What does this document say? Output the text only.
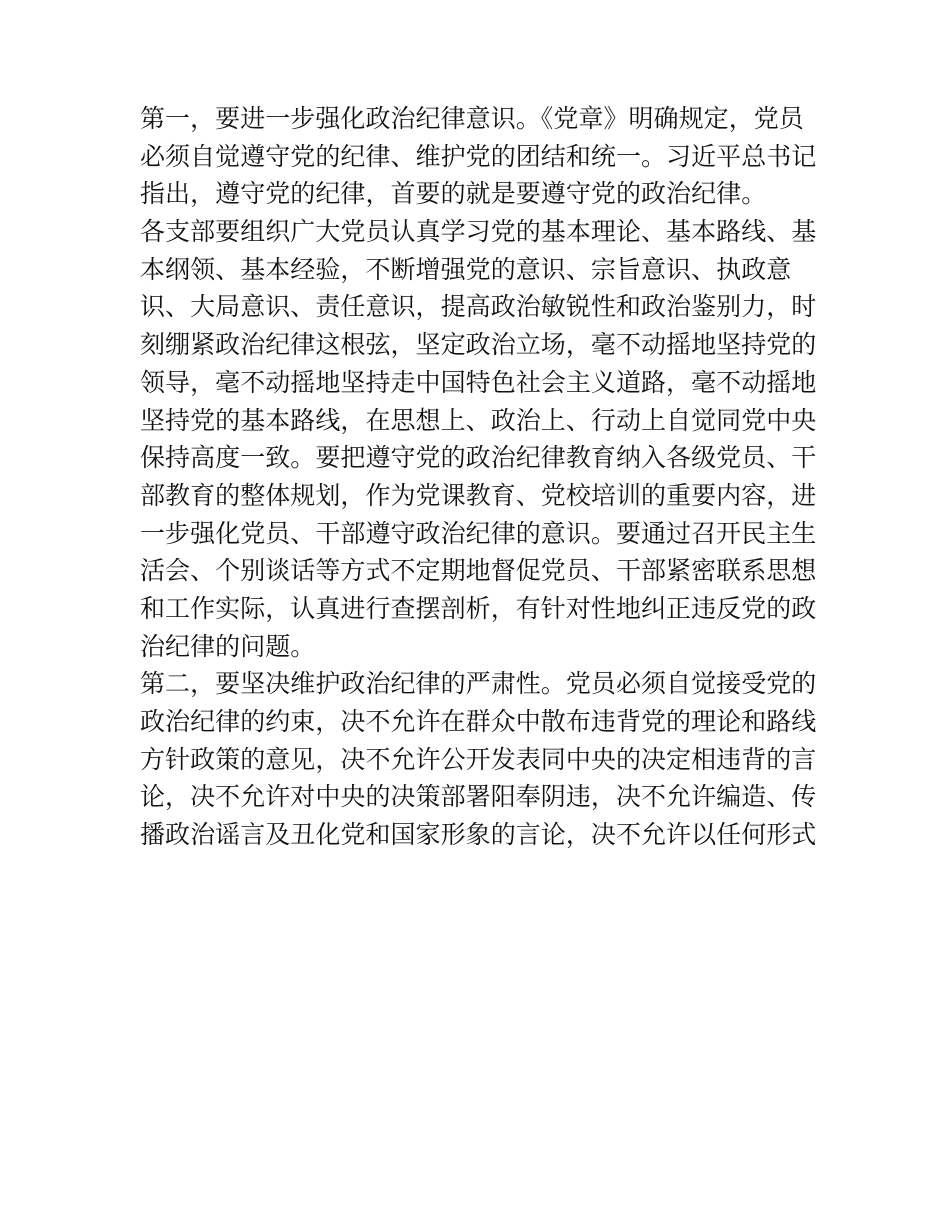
第一，要进一步强化政治纪律意识。《党章》明确规定，党员
必须自觉遵守党的纪律、维护党的团结和统一。习近平总书记
指出，遵守党的纪律，首要的就是要遵守党的政治纪律。
各支部要组织广大党员认真学习党的基本理论、基本路线、基
本纲领、基本经验，不断增强党的意识、宗旨意识、执政意
识、大局意识、责任意识，提高政治敏锐性和政治鉴别力，时
刻绷紧政治纪律这根弦，坚定政治立场，毫不动摇地坚持党的
领导，毫不动摇地坚持走中国特色社会主义道路，毫不动摇地
坚持党的基本路线，在思想上、政治上、行动上自觉同党中央
保持高度一致。要把遵守党的政治纪律教育纳入各级党员、干
部教育的整体规划，作为党课教育、党校培训的重要内容，进
一步强化党员、干部遵守政治纪律的意识。要通过召开民主生
活会、个别谈话等方式不定期地督促党员、干部紧密联系思想
和工作实际，认真进行查摆剖析，有针对性地纠正违反党的政
治纪律的问题。
第二，要坚决维护政治纪律的严肃性。党员必须自觉接受党的
政治纪律的约束，决不允许在群众中散布违背党的理论和路线
方针政策的意见，决不允许公开发表同中央的决定相违背的言
论，决不允许对中央的决策部署阳奉阴违，决不允许编造、传
播政治谣言及丑化党和国家形象的言论，决不允许以任何形式
